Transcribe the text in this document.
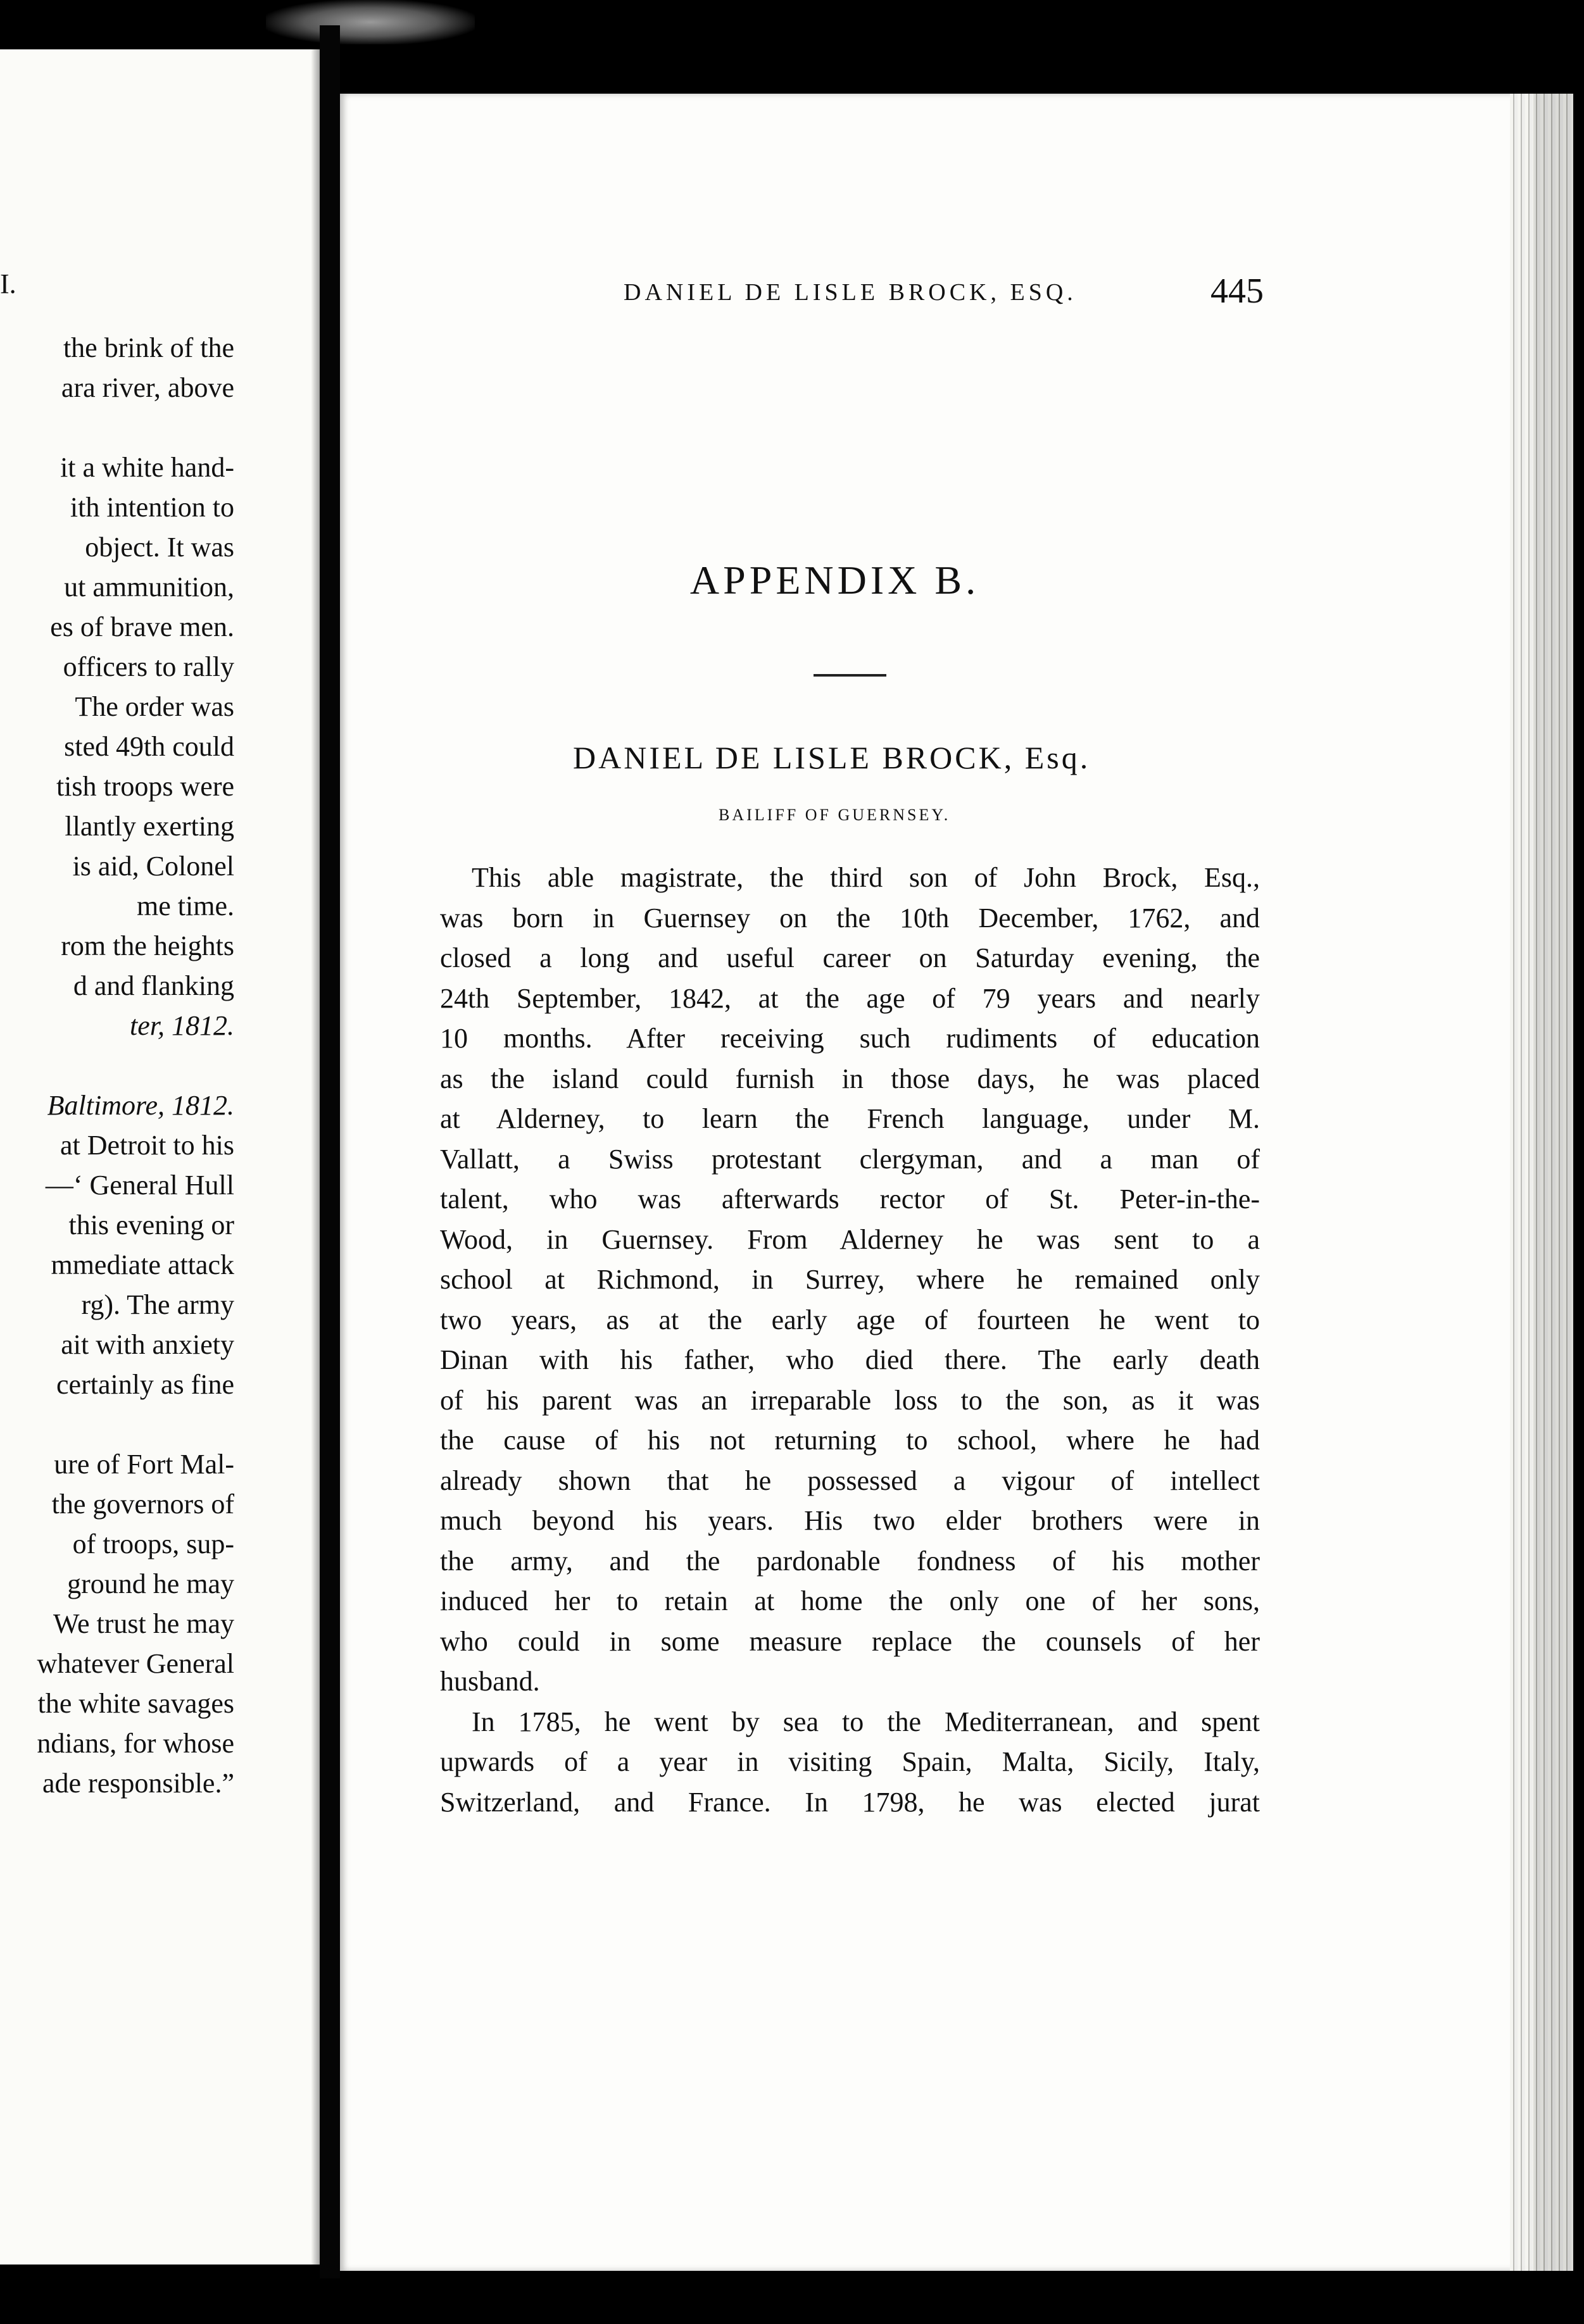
I.
the brink of the
ara river, above
it a white hand-
ith intention to
object. It was
ut ammunition,
es of brave men.
officers to rally
The order was
sted 49th could
tish troops were
llantly exerting
is aid, Colonel
me time.
rom the heights
d and flanking
ter, 1812.
Baltimore, 1812.
at Detroit to his
—‘ General Hull
this evening or
mmediate attack
rg). The army
ait with anxiety
certainly as fine
ure of Fort Mal-
the governors of
of troops, sup-
ground he may
We trust he may
whatever General
the white savages
ndians, for whose
ade responsible.”
DANIEL DE LISLE BROCK, ESQ.	445
APPENDIX B.
DANIEL DE LISLE BROCK, Esq.
BAILIFF OF GUERNSEY.
This able magistrate, the third son of John Brock, Esq.,
was born in Guernsey on the 10th December, 1762, and
closed a long and useful career on Saturday evening, the
24th September, 1842, at the age of 79 years and nearly
10 months. After receiving such rudiments of education
as the island could furnish in those days, he was placed
at Alderney, to learn the French language, under M.
Vallatt, a Swiss protestant clergyman, and a man of
talent, who was afterwards rector of St. Peter-in-the-
Wood, in Guernsey. From Alderney he was sent to a
school at Richmond, in Surrey, where he remained only
two years, as at the early age of fourteen he went to
Dinan with his father, who died there. The early death
of his parent was an irreparable loss to the son, as it was
the cause of his not returning to school, where he had
already shown that he possessed a vigour of intellect
much beyond his years. His two elder brothers were in
the army, and the pardonable fondness of his mother
induced her to retain at home the only one of her sons,
who could in some measure replace the counsels of her
husband.
In 1785, he went by sea to the Mediterranean, and spent
upwards of a year in visiting Spain, Malta, Sicily, Italy,
Switzerland, and France. In 1798, he was elected jurat
